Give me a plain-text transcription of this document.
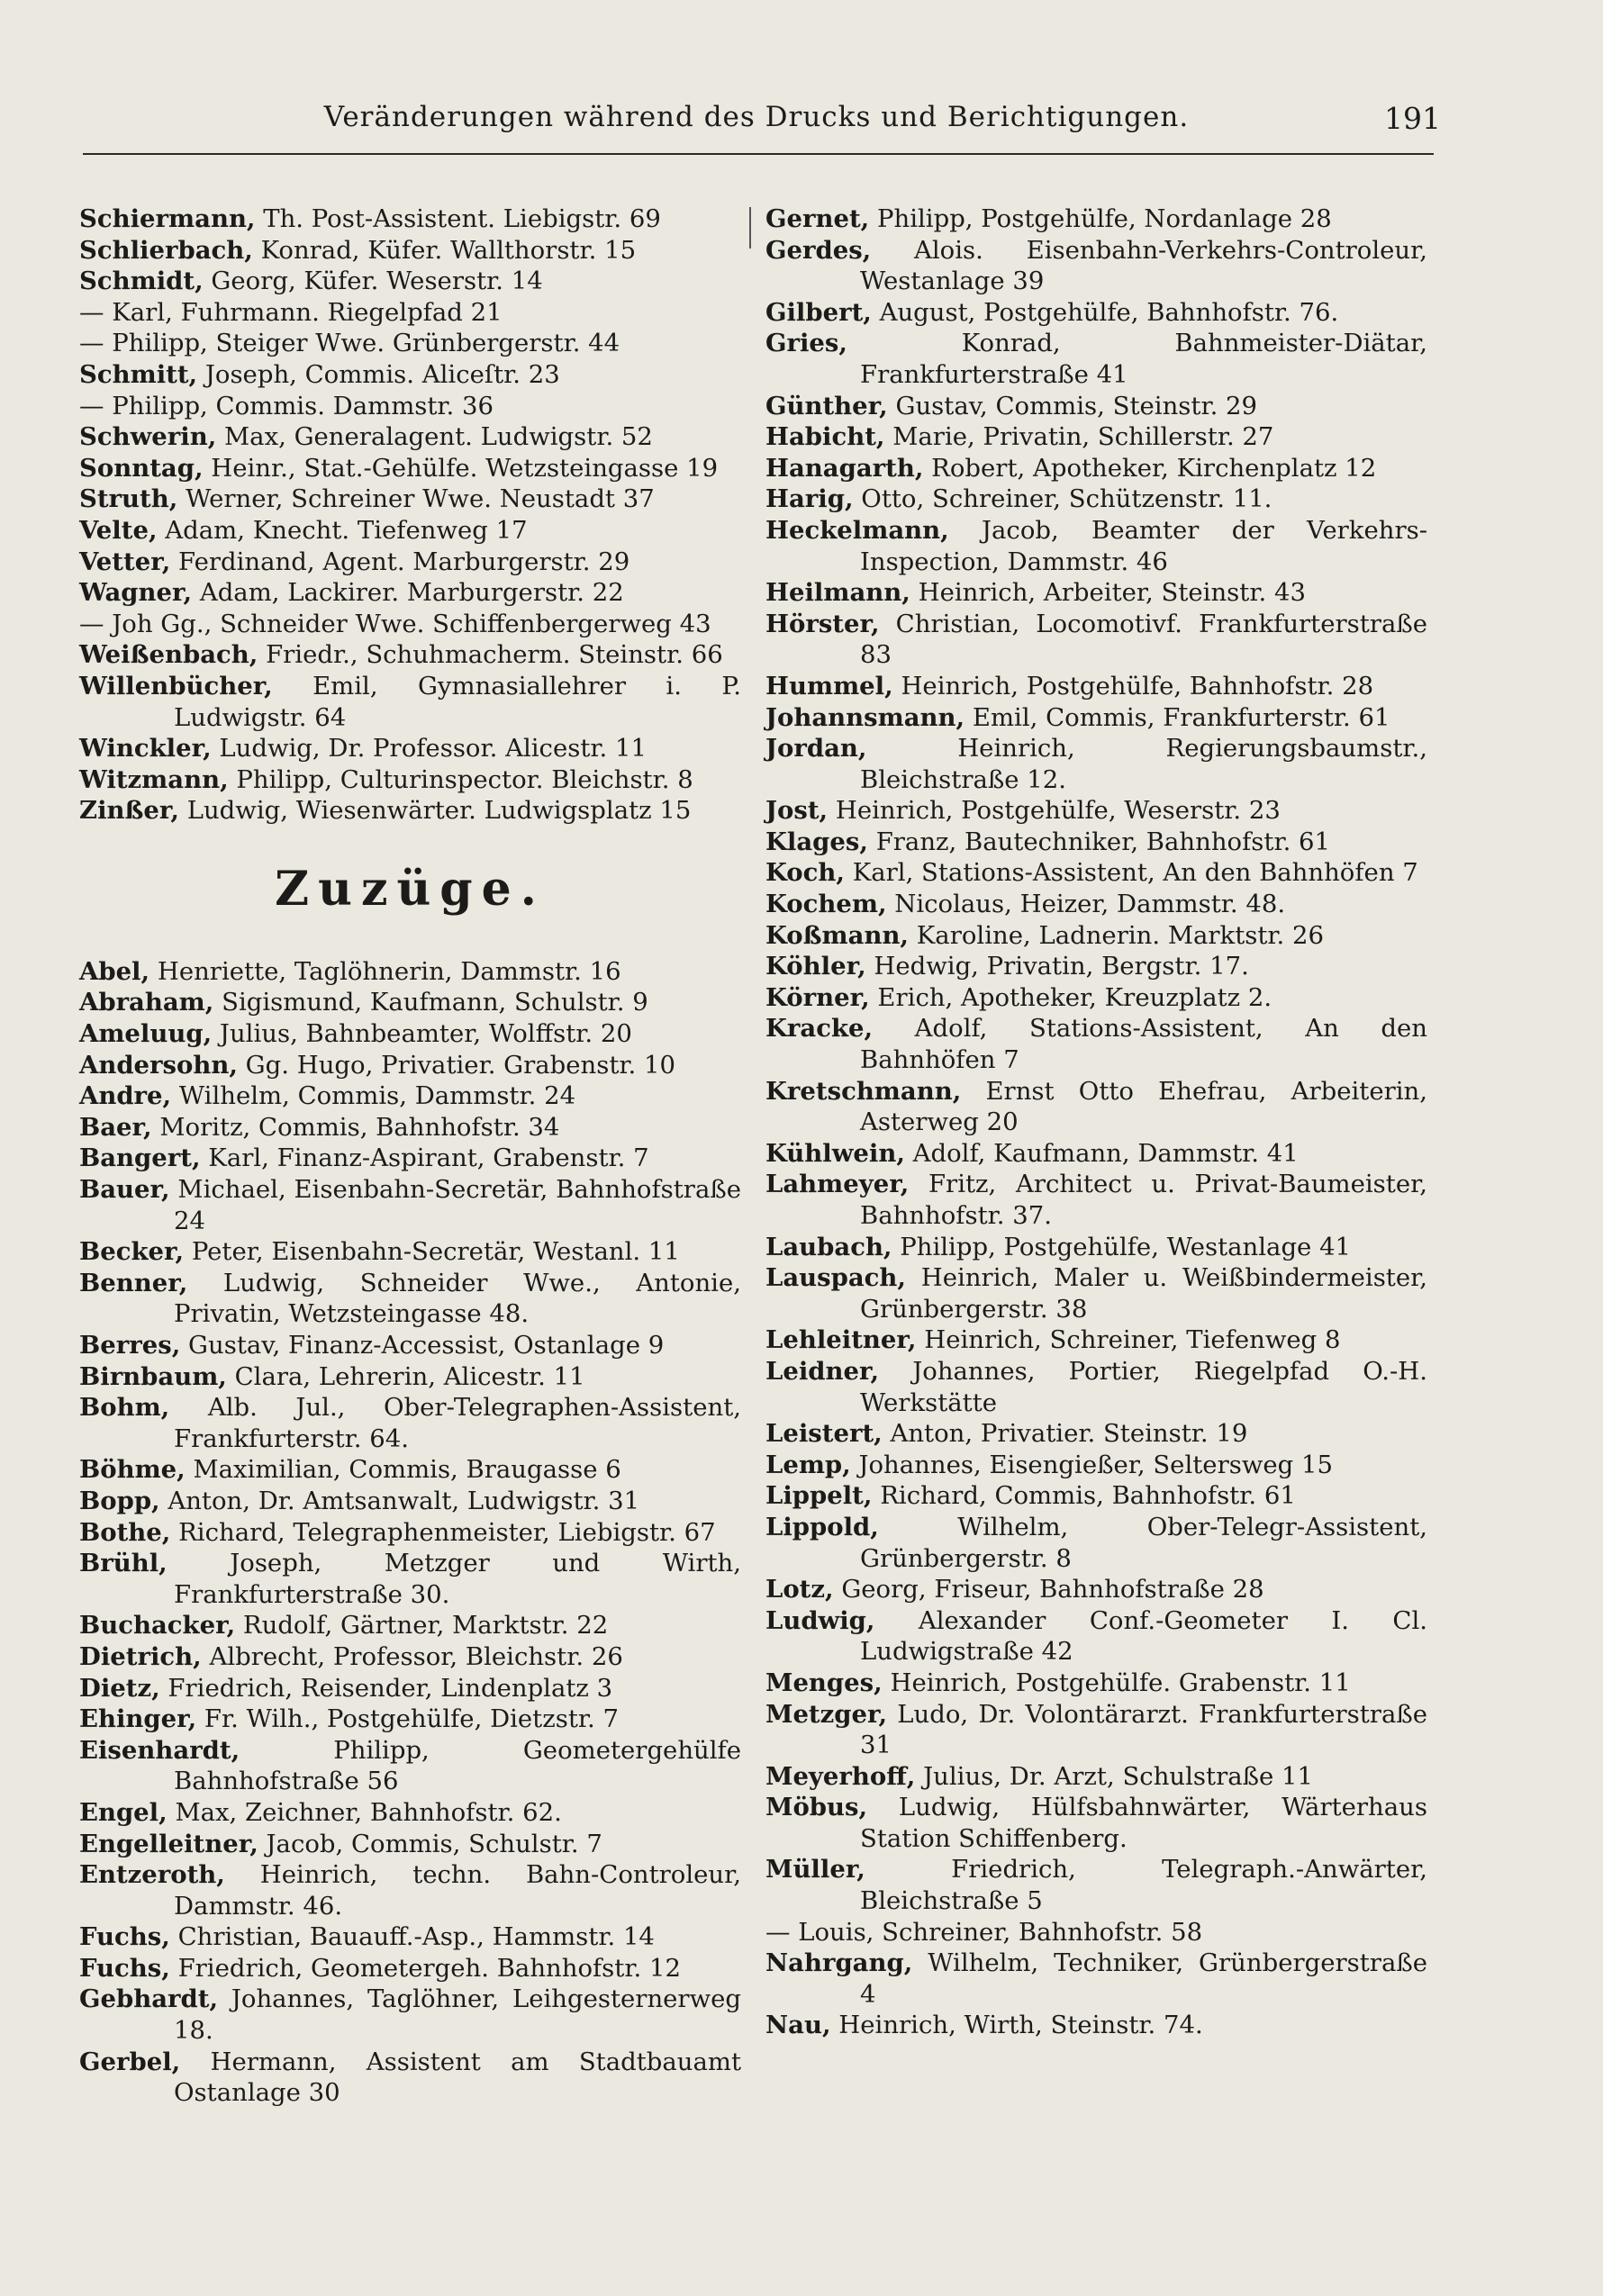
Veränderungen während des Drucks und Berichtigungen.	191
Schiermann, Th. Post-Assistent. Liebigstr. 69
Schlierbach, Konrad, Küfer. Wallthorstr. 15
Schmidt, Georg, Küfer. Weserstr. 14
— Karl, Fuhrmann. Riegelpfad 21
— Philipp, Steiger Wwe. Grünbergerstr. 44
Schmitt, Joseph, Commis. Aliceſtr. 23
— Philipp, Commis. Dammstr. 36
Schwerin, Max, Generalagent. Ludwigstr. 52
Sonntag, Heinr., Stat.-Gehülfe. Wetzsteingasse 19
Struth, Werner, Schreiner Wwe. Neustadt 37
Velte, Adam, Knecht. Tiefenweg 17
Vetter, Ferdinand, Agent. Marburgerstr. 29
Wagner, Adam, Lackirer. Marburgerstr. 22
— Joh Gg., Schneider Wwe. Schiffenbergerweg 43
Weißenbach, Friedr., Schuhmacherm. Steinstr. 66
Willenbücher, Emil, Gymnasiallehrer i. P. Ludwigstr. 64
Winckler, Ludwig, Dr. Professor. Alicestr. 11
Witzmann, Philipp, Culturinspector. Bleichstr. 8
Zinßer, Ludwig, Wiesenwärter. Ludwigsplatz 15
Zuzüge.
Abel, Henriette, Taglöhnerin, Dammstr. 16
Abraham, Sigismund, Kaufmann, Schulstr. 9
Ameluug, Julius, Bahnbeamter, Wolffstr. 20
Andersohn, Gg. Hugo, Privatier. Grabenstr. 10
Andre, Wilhelm, Commis, Dammstr. 24
Baer, Moritz, Commis, Bahnhofstr. 34
Bangert, Karl, Finanz-Aspirant, Grabenstr. 7
Bauer, Michael, Eisenbahn-Secretär, Bahnhofstraße 24
Becker, Peter, Eisenbahn-Secretär, Westanl. 11
Benner, Ludwig, Schneider Wwe., Antonie, Privatin, Wetzsteingasse 48.
Berres, Gustav, Finanz-Accessist, Ostanlage 9
Birnbaum, Clara, Lehrerin, Alicestr. 11
Bohm, Alb. Jul., Ober-Telegraphen-Assistent, Frankfurterstr. 64.
Böhme, Maximilian, Commis, Braugasse 6
Bopp, Anton, Dr. Amtsanwalt, Ludwigstr. 31
Bothe, Richard, Telegraphenmeister, Liebigstr. 67
Brühl, Joseph, Metzger und Wirth, Frankfurterstraße 30.
Buchacker, Rudolf, Gärtner, Marktstr. 22
Dietrich, Albrecht, Professor, Bleichstr. 26
Dietz, Friedrich, Reisender, Lindenplatz 3
Ehinger, Fr. Wilh., Postgehülfe, Dietzstr. 7
Eisenhardt, Philipp, Geometergehülfe Bahnhofstraße 56
Engel, Max, Zeichner, Bahnhofstr. 62.
Engelleitner, Jacob, Commis, Schulstr. 7
Entzeroth, Heinrich, techn. Bahn-Controleur, Dammstr. 46.
Fuchs, Christian, Bauauff.-Asp., Hammstr. 14
Fuchs, Friedrich, Geometergeh. Bahnhofstr. 12
Gebhardt, Johannes, Taglöhner, Leihgesternerweg 18.
Gerbel, Hermann, Assistent am Stadtbauamt Ostanlage 30
Gernet, Philipp, Postgehülfe, Nordanlage 28
Gerdes, Alois. Eisenbahn-Verkehrs-Controleur, Westanlage 39
Gilbert, August, Postgehülfe, Bahnhofstr. 76.
Gries, Konrad, Bahnmeister-Diätar, Frankfurterstraße 41
Günther, Gustav, Commis, Steinstr. 29
Habicht, Marie, Privatin, Schillerstr. 27
Hanagarth, Robert, Apotheker, Kirchenplatz 12
Harig, Otto, Schreiner, Schützenstr. 11.
Heckelmann, Jacob, Beamter der Verkehrs-Inspection, Dammstr. 46
Heilmann, Heinrich, Arbeiter, Steinstr. 43
Hörster, Christian, Locomotivf. Frankfurterstraße 83
Hummel, Heinrich, Postgehülfe, Bahnhofstr. 28
Johannsmann, Emil, Commis, Frankfurterstr. 61
Jordan, Heinrich, Regierungsbaumstr., Bleichstraße 12.
Jost, Heinrich, Postgehülfe, Weserstr. 23
Klages, Franz, Bautechniker, Bahnhofstr. 61
Koch, Karl, Stations-Assistent, An den Bahnhöfen 7
Kochem, Nicolaus, Heizer, Dammstr. 48.
Koßmann, Karoline, Ladnerin. Marktstr. 26
Köhler, Hedwig, Privatin, Bergstr. 17.
Körner, Erich, Apotheker, Kreuzplatz 2.
Kracke, Adolf, Stations-Assistent, An den Bahnhöfen 7
Kretschmann, Ernst Otto Ehefrau, Arbeiterin, Asterweg 20
Kühlwein, Adolf, Kaufmann, Dammstr. 41
Lahmeyer, Fritz, Architect u. Privat-Baumeister, Bahnhofstr. 37.
Laubach, Philipp, Postgehülfe, Westanlage 41
Lauspach, Heinrich, Maler u. Weißbindermeister, Grünbergerstr. 38
Lehleitner, Heinrich, Schreiner, Tiefenweg 8
Leidner, Johannes, Portier, Riegelpfad O.-H. Werkstätte
Leistert, Anton, Privatier. Steinstr. 19
Lemp, Johannes, Eisengießer, Seltersweg 15
Lippelt, Richard, Commis, Bahnhofstr. 61
Lippold, Wilhelm, Ober-Telegr-Assistent, Grünbergerstr. 8
Lotz, Georg, Friseur, Bahnhofstraße 28
Ludwig, Alexander Conf.-Geometer I. Cl. Ludwigstraße 42
Menges, Heinrich, Postgehülfe. Grabenstr. 11
Metzger, Ludo, Dr. Volontärarzt. Frankfurterstraße 31
Meyerhoff, Julius, Dr. Arzt, Schulstraße 11
Möbus, Ludwig, Hülfsbahnwärter, Wärterhaus Station Schiffenberg.
Müller, Friedrich, Telegraph.-Anwärter, Bleichstraße 5
— Louis, Schreiner, Bahnhofstr. 58
Nahrgang, Wilhelm, Techniker, Grünbergerstraße 4
Nau, Heinrich, Wirth, Steinstr. 74.
